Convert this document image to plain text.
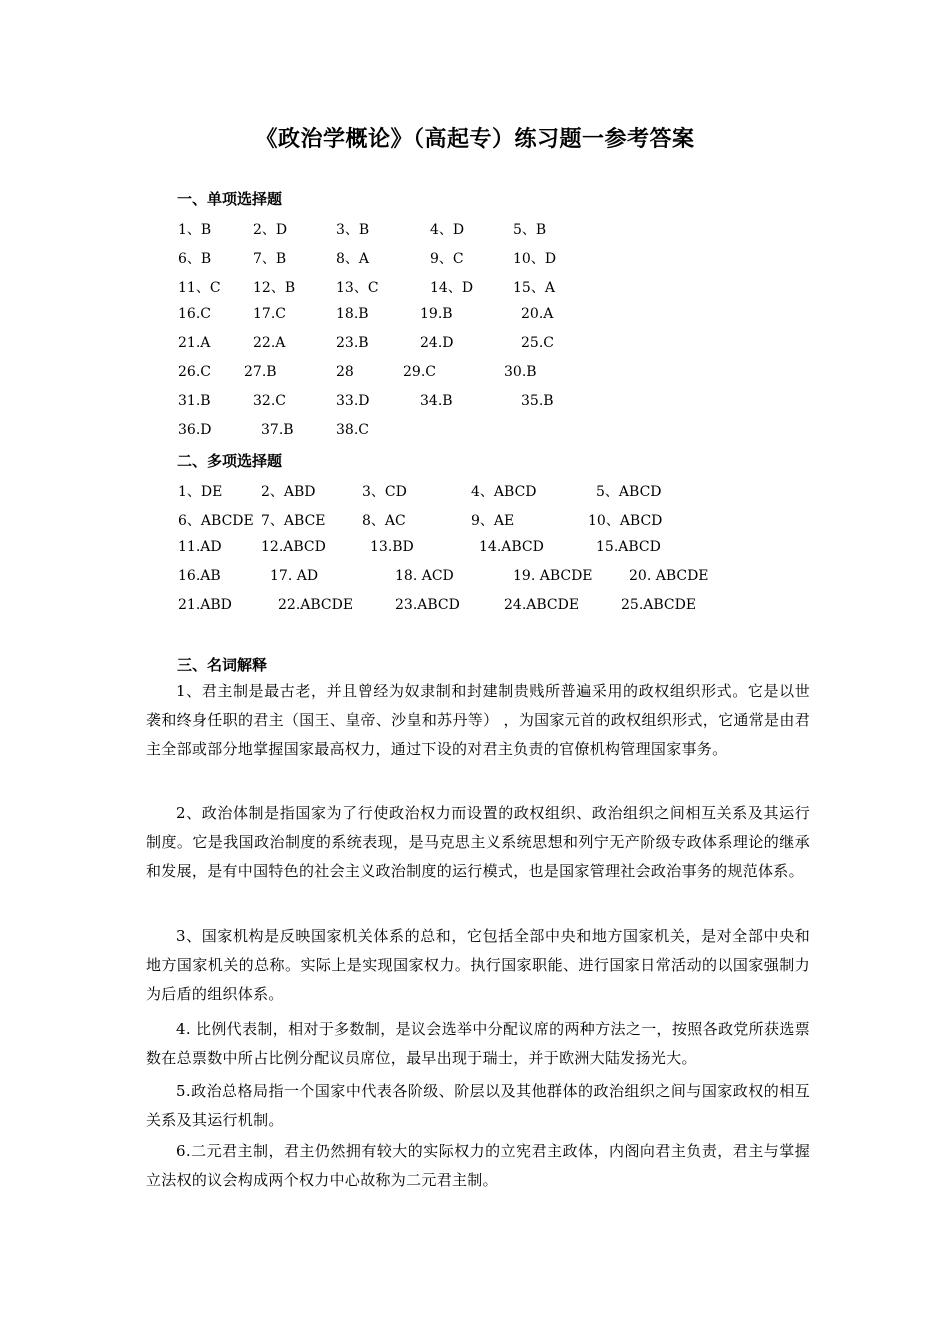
《政治学概论》（高起专）练习题一参考答案
一、单项选择题
1、B	2、D	3、B	4、D	5、B
6、B	7、B	8、A	9、C	10、D
11、C 12、B	13、C	14、D	15、A
16.C	17.C	18.B	19.B	20.A
21.A	22.A	23.B	24.D	25.C
26.C 27.B	28	29.C	30.B
31.B	32.C	33.D	34.B	35.B
36.D	37.B	38.C
二、多项选择题
1、DE	2、ABD	3、CD	4、ABCD	5、ABCD
6、ABCDE 7、ABCE	8、AC	9、AE	10、ABCD
11.AD	12.ABCD	13.BD	14.ABCD	15.ABCD
16.AB	17. AD	18. ACD	19. ABCDE	20. ABCDE
21.ABD	22.ABCDE	23.ABCD	24.ABCDE	25.ABCDE
三、名词解释
1、君主制是最古老，并且曾经为奴隶制和封建制贵贱所普遍采用的政权组织形式。它是以世袭和终身任职的君主（国王、皇帝、沙皇和苏丹等） ，为国家元首的政权组织形式，它通常是由君主全部或部分地掌握国家最高权力，通过下设的对君主负责的官僚机构管理国家事务。
2、政治体制是指国家为了行使政治权力而设置的政权组织、政治组织之间相互关系及其运行制度。它是我国政治制度的系统表现，是马克思主义系统思想和列宁无产阶级专政体系理论的继承和发展，是有中国特色的社会主义政治制度的运行模式，也是国家管理社会政治事务的规范体系。
3、国家机构是反映国家机关体系的总和，它包括全部中央和地方国家机关，是对全部中央和地方国家机关的总称。实际上是实现国家权力。执行国家职能、进行国家日常活动的以国家强制力为后盾的组织体系。
4. 比例代表制，相对于多数制，是议会选举中分配议席的两种方法之一，按照各政党所获选票数在总票数中所占比例分配议员席位，最早出现于瑞士，并于欧洲大陆发扬光大。
5.政治总格局指一个国家中代表各阶级、阶层以及其他群体的政治组织之间与国家政权的相互关系及其运行机制。
6.二元君主制，君主仍然拥有较大的实际权力的立宪君主政体，内阁向君主负责，君主与掌握立法权的议会构成两个权力中心故称为二元君主制。
